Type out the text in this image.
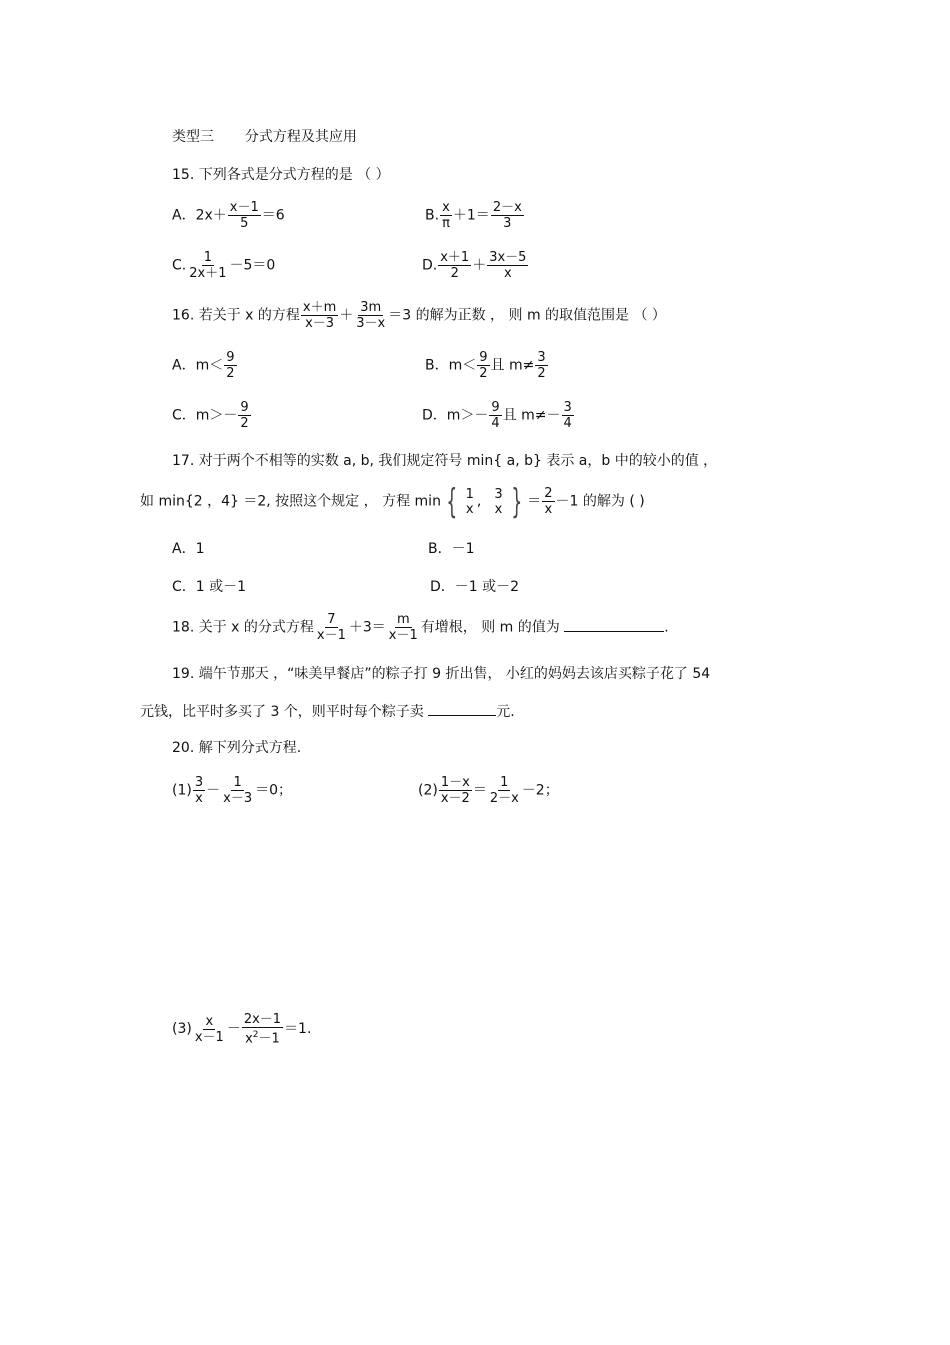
类型三 分式方程及其应用
15. 下列各式是分式方程的是 （ ）
A．$2x+ \frac{x-1}{5} =6$	B. $\frac{x}{\pi} +1= \frac{2-x}{3}$
C. $\frac{1}{2x+1} -5=0$	D. $\frac{x+1}{2} + \frac{3x-5}{x}$
16. 若关于 x 的方程 $\frac{x+m}{x-3} + \frac{3m}{3-x} =3$ 的解为正数 ， 则 m 的取值范围是 （ ）
A．$m< \frac{9}{2}$	B．$m< \frac{9}{2}$ 且 $m\ne \frac{3}{2}$
C．$m>- \frac{9}{2}$	D．$m>- \frac{9}{4}$ 且 $m\ne- \frac{3}{4}$
17. 对于两个不相等的实数 a, b, 我们规定符号 min{ a, b} 表示 a，b 中的较小的值 ，
如 min{2 ，4} ＝2, 按照这个规定 ， 方程 min { 1
x , 3
x } ＝ $\frac{2}{x} -1$ 的解为 ( )
A．1	B．－1
C．1 或－1	D．－1 或－2
18. 关于 x 的分式方程 $\frac{7}{x-1} +3= \frac{m}{x-1}$ 有增根， 则 m 的值为	.
19. 端午节那天 ，“味美早餐店”的粽子打 9 折出售， 小红的妈妈去该店买粽子花了 54
元钱，比平时多买了 3 个，则平时每个粽子卖	元.
20. 解下列分式方程.
$(1) \frac{3}{x} - \frac{1}{x-3} =0$；	$(2) \frac{1-x}{x-2} = \frac{1}{2-x} -2$；
$(3) \frac{x}{x-1} - \frac{2x-1}{x^2-1} =1$.
